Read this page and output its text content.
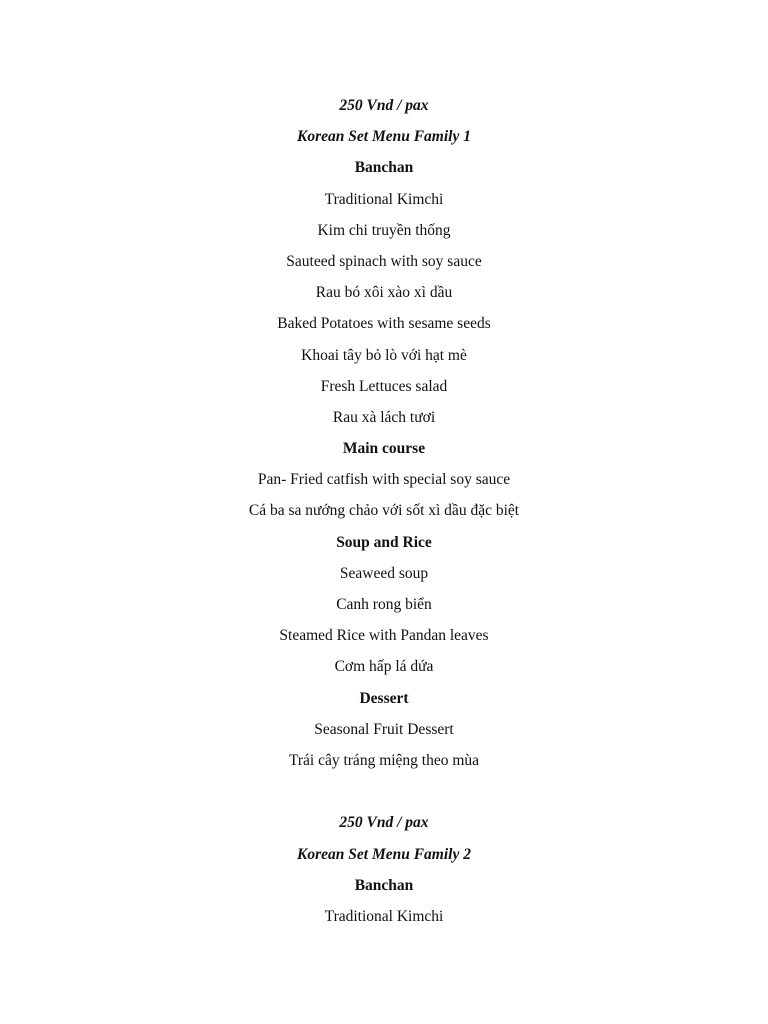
250 Vnd / pax
Korean Set Menu Family 1
Banchan
Traditional Kimchi
Kim chi truyền thống
Sauteed spinach with soy sauce
Rau bó xôi xào xì dầu
Baked Potatoes with sesame seeds
Khoai tây bỏ lò với hạt mè
Fresh Lettuces salad
Rau xà lách tươi
Main course
Pan- Fried catfish with special soy sauce
Cá ba sa nướng chảo với sốt xì dầu đặc biệt
Soup and Rice
Seaweed soup
Canh rong biển
Steamed Rice with Pandan leaves
Cơm hấp lá dứa
Dessert
Seasonal Fruit Dessert
Trái cây tráng miệng theo mùa
250 Vnd / pax
Korean Set Menu Family 2
Banchan
Traditional Kimchi
